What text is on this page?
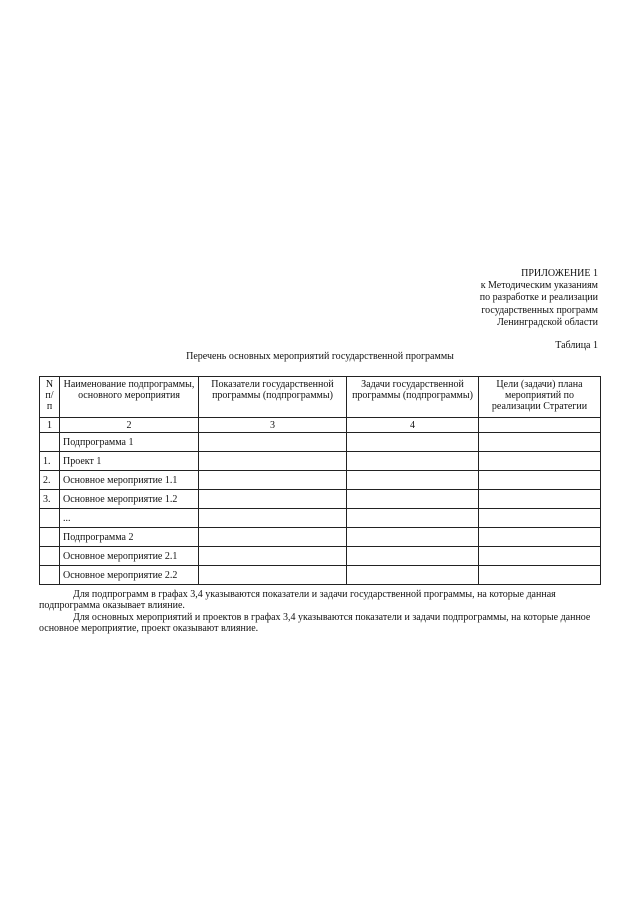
ПРИЛОЖЕНИЕ 1
к Методическим указаниям
по разработке и реализации
государственных программ
Ленинградской области
Таблица 1
Перечень основных мероприятий государственной программы
N п/п	Наименование подпрограммы, основного мероприятия	Показатели государственной программы (подпрограммы)	Задачи государственной программы (подпрограммы)	Цели (задачи) плана мероприятий по реализации Стратегии
1	2	3	4	
	Подпрограмма 1			
1.	Проект 1			
2.	Основное мероприятие 1.1			
3.	Основное мероприятие 1.2			
	...			
	Подпрограмма 2			
	Основное мероприятие 2.1			
	Основное мероприятие 2.2			

Для подпрограмм в графах 3,4 указываются показатели и задачи государственной программы, на которые данная подпрограмма оказывает влияние.

Для основных мероприятий и проектов в графах 3,4 указываются показатели и задачи подпрограммы, на которые данное основное мероприятие, проект оказывают влияние.
